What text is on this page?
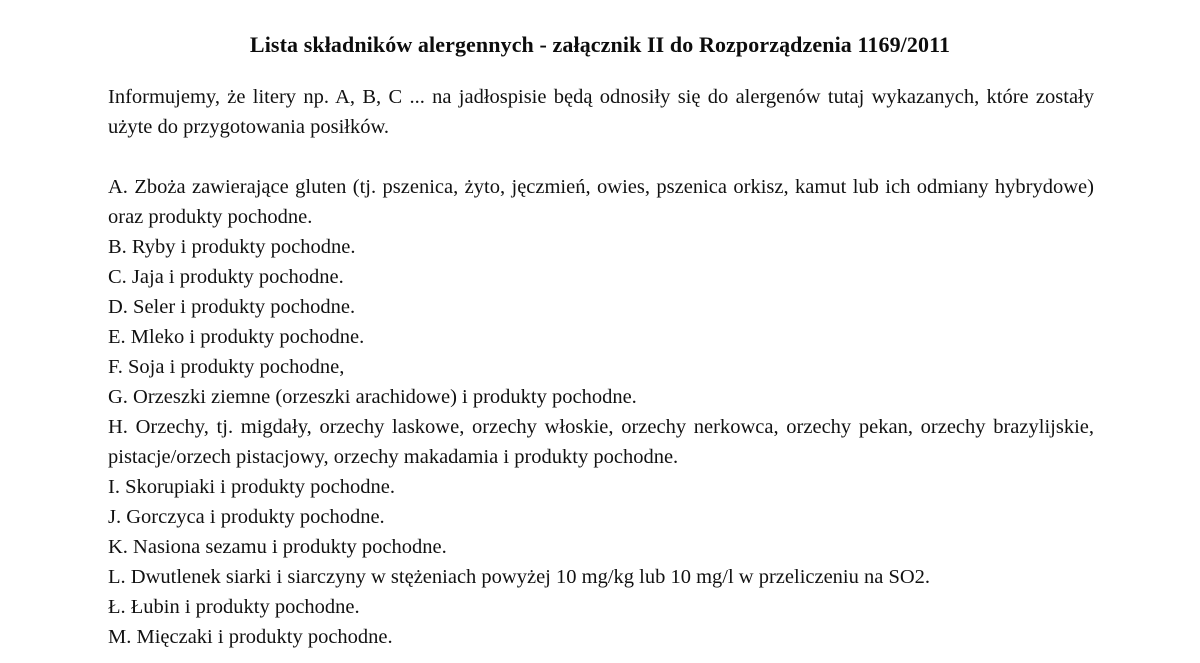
Lista składników alergennych - załącznik II do Rozporządzenia 1169/2011

Informujemy, że litery np. A, B, C ... na jadłospisie będą odnosiły się do alergenów tutaj wykazanych, które zostały użyte do przygotowania posiłków.

A. Zboża zawierające gluten (tj. pszenica, żyto, jęczmień, owies, pszenica orkisz, kamut lub ich odmiany hybrydowe) oraz produkty pochodne.
B. Ryby i produkty pochodne.
C. Jaja i produkty pochodne.
D. Seler i produkty pochodne.
E. Mleko i produkty pochodne.
F. Soja i produkty pochodne,
G. Orzeszki ziemne (orzeszki arachidowe) i produkty pochodne.
H. Orzechy, tj. migdały, orzechy laskowe, orzechy włoskie, orzechy nerkowca, orzechy pekan, orzechy brazylijskie, pistacje/orzech pistacjowy, orzechy makadamia i produkty pochodne.
I. Skorupiaki i produkty pochodne.
J. Gorczyca i produkty pochodne.
K. Nasiona sezamu i produkty pochodne.
L. Dwutlenek siarki i siarczyny w stężeniach powyżej 10 mg/kg lub 10 mg/l w przeliczeniu na SO2.
Ł. Łubin i produkty pochodne.
M. Mięczaki i produkty pochodne.
